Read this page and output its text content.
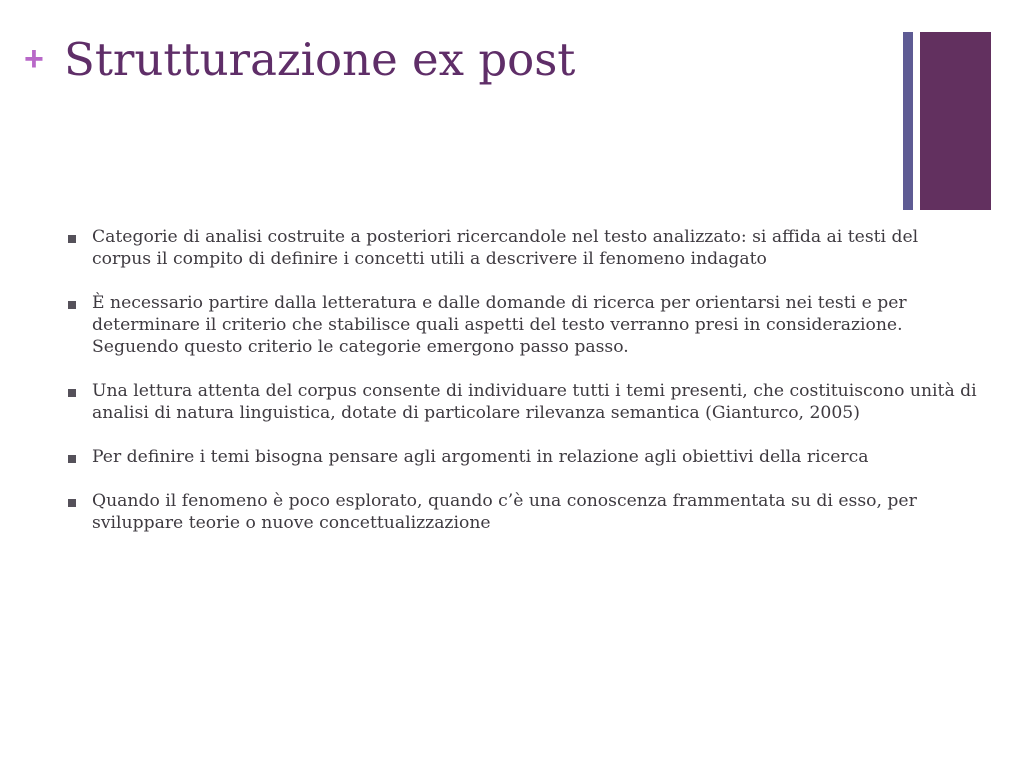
+ Strutturazione ex post
Categorie di analisi costruite a posteriori ricercandole nel testo analizzato: si affida ai testi del corpus il compito di definire i concetti utili a descrivere il fenomeno indagato
È necessario partire dalla letteratura e dalle domande di ricerca per orientarsi nei testi e per determinare il criterio che stabilisce quali aspetti del testo verranno presi in considerazione. Seguendo questo criterio le categorie emergono passo passo.
Una lettura attenta del corpus consente di individuare tutti i temi presenti, che costituiscono unità di analisi di natura linguistica, dotate di particolare rilevanza semantica (Gianturco, 2005)
Per definire i temi bisogna pensare agli argomenti in relazione agli obiettivi della ricerca
Quando il fenomeno è poco esplorato, quando c’è una conoscenza frammentata su di esso, per sviluppare teorie o nuove concettualizzazione
